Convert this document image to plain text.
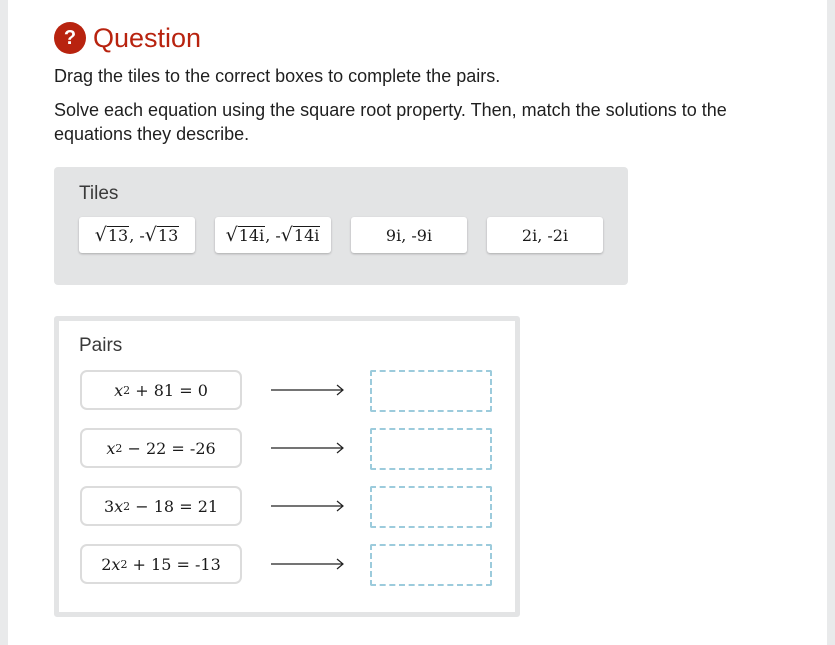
? Question
Drag the tiles to the correct boxes to complete the pairs.
Solve each equation using the square root property. Then, match the solutions to the equations they describe.
Tiles
√ 13 , - √ 13 √ 14i , - √ 14i	9i, -9i	2i, -2i
Pairs
x 2
+
81
=
0
x 2
−
22
=
-26
3 x 2
−
18
=
21
2 x 2
+
15
=
-13
